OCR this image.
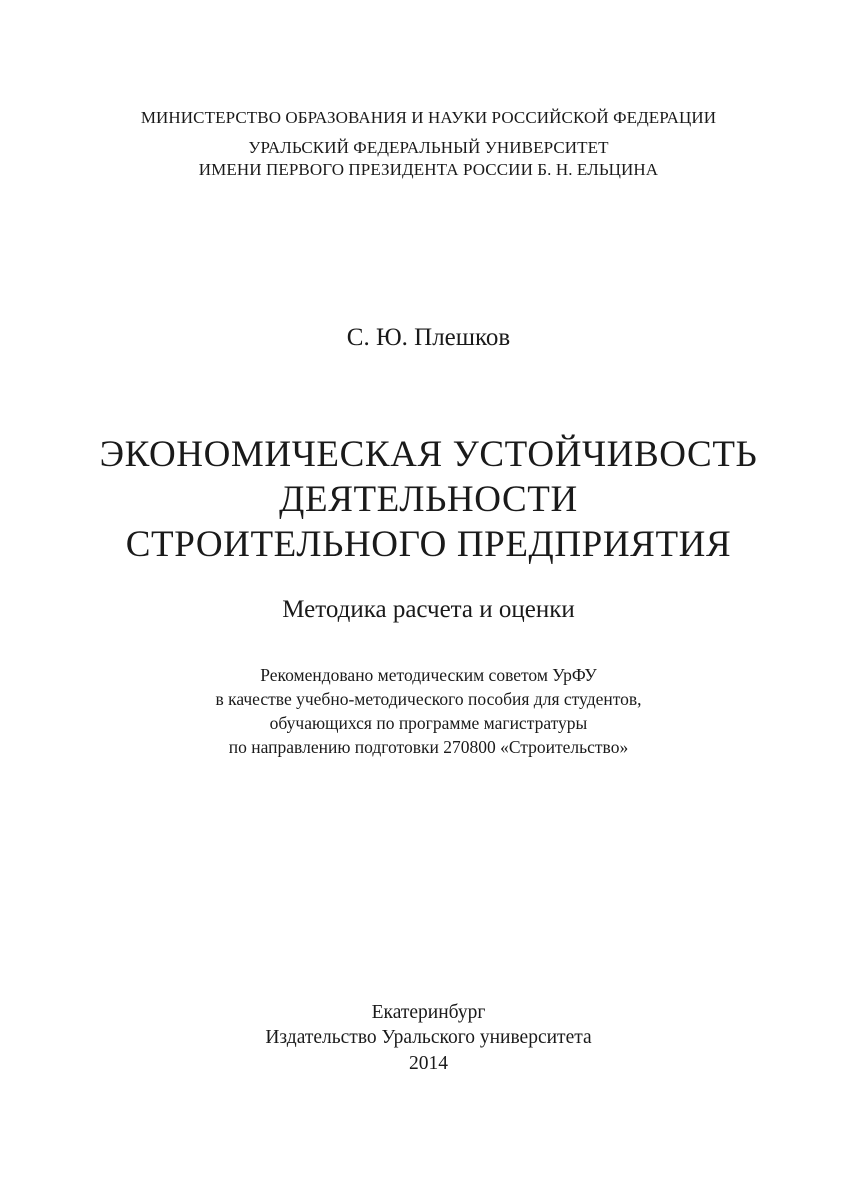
МИНИСТЕРСТВО ОБРАЗОВАНИЯ И НАУКИ РОССИЙСКОЙ ФЕДЕРАЦИИ
УРАЛЬСКИЙ ФЕДЕРАЛЬНЫЙ УНИВЕРСИТЕТ
ИМЕНИ ПЕРВОГО ПРЕЗИДЕНТА РОССИИ Б. Н. ЕЛЬЦИНА
С. Ю. Плешков
ЭКОНОМИЧЕСКАЯ УСТОЙЧИВОСТЬ
ДЕЯТЕЛЬНОСТИ
СТРОИТЕЛЬНОГО ПРЕДПРИЯТИЯ
Методика расчета и оценки
Рекомендовано методическим советом УрФУ
в качестве учебно-методического пособия для студентов,
обучающихся по программе магистратуры
по направлению подготовки 270800 «Строительство»
Екатеринбург
Издательство Уральского университета
2014
